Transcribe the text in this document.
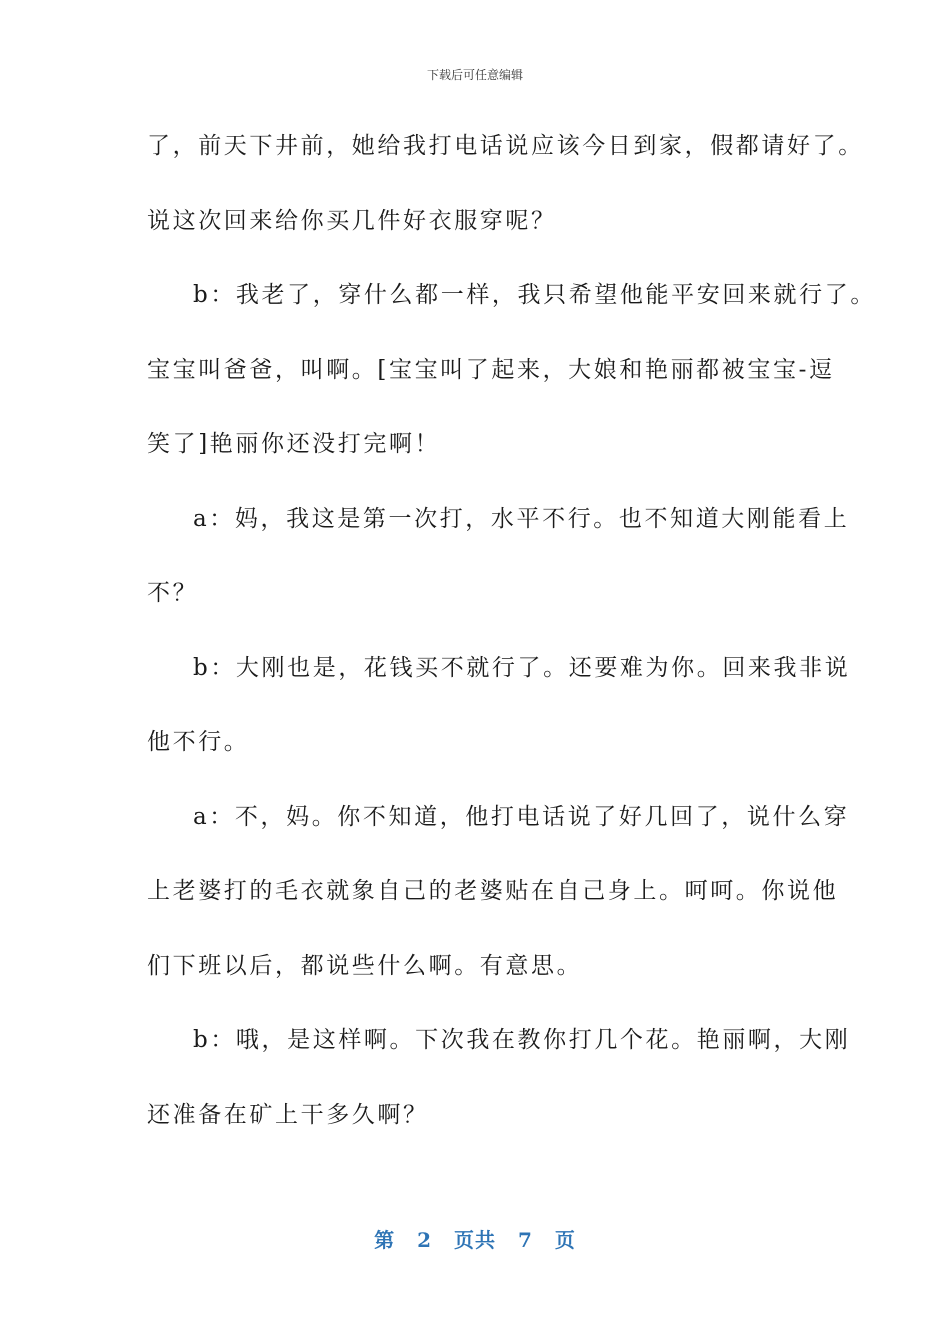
下载后可任意编辑
了，前天下井前，她给我打电话说应该今日到家，假都请好了。
说这次回来给你买几件好衣服穿呢？
b：我老了，穿什么都一样，我只希望他能平安回来就行了。
宝宝叫爸爸，叫啊。[宝宝叫了起来，大娘和艳丽都被宝宝-逗
笑了]艳丽你还没打完啊！
a：妈，我这是第一次打，水平不行。也不知道大刚能看上
不？
b：大刚也是，花钱买不就行了。还要难为你。回来我非说
他不行。
a：不，妈。你不知道，他打电话说了好几回了，说什么穿
上老婆打的毛衣就象自己的老婆贴在自己身上。呵呵。你说他
们下班以后，都说些什么啊。有意思。
b：哦，是这样啊。下次我在教你打几个花。艳丽啊，大刚
还准备在矿上干多久啊？
第 2 页共 7 页
